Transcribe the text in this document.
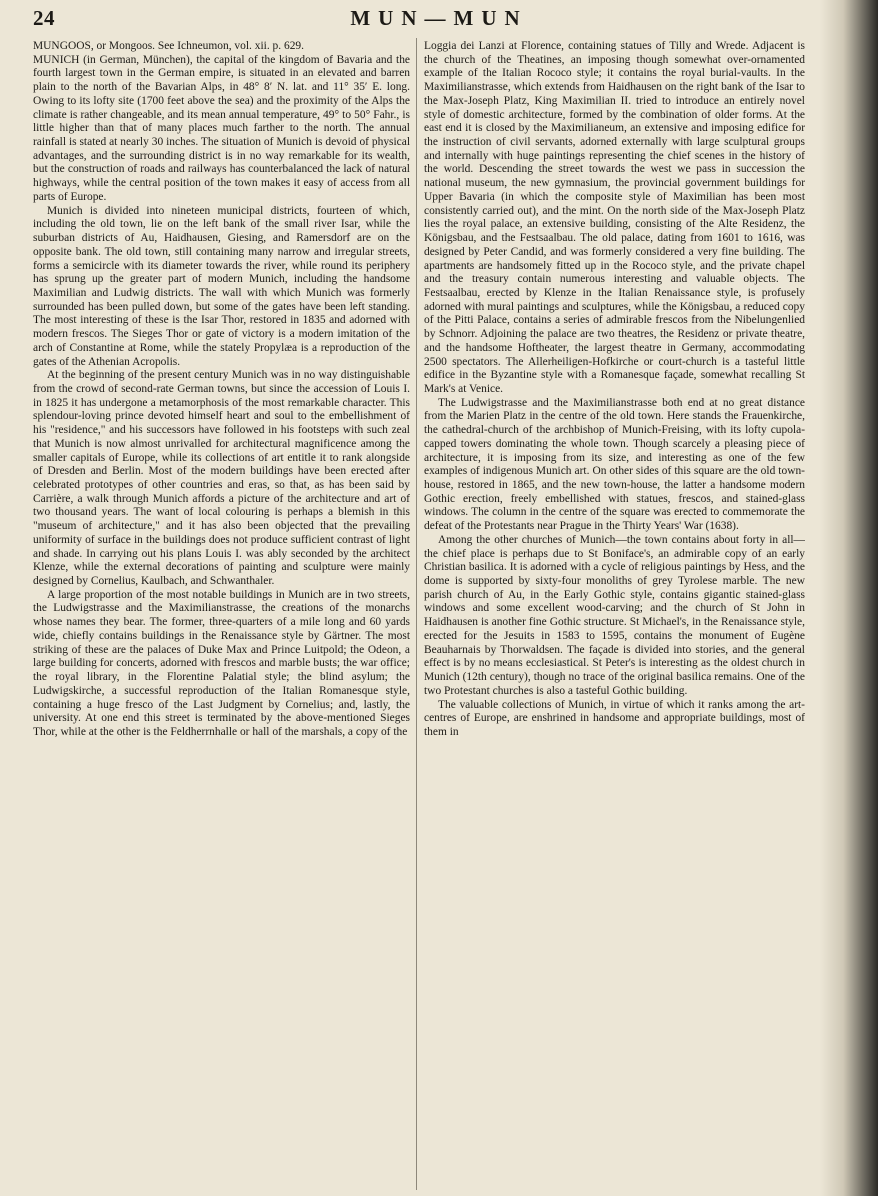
24	MUN—MUN

MUNGOOS, or Mongoos. See Ichneumon, vol. xii. p. 629.

MUNICH (in German, München), the capital of the kingdom of Bavaria and the fourth largest town in the German empire, is situated in an elevated and barren plain to the north of the Bavarian Alps, in 48° 8′ N. lat. and 11° 35′ E. long. Owing to its lofty site (1700 feet above the sea) and the proximity of the Alps the climate is rather changeable, and its mean annual temperature, 49° to 50° Fahr., is little higher than that of many places much farther to the north. The annual rainfall is stated at nearly 30 inches. The situation of Munich is devoid of physical advantages, and the surrounding district is in no way remarkable for its wealth, but the construction of roads and railways has counterbalanced the lack of natural highways, while the central position of the town makes it easy of access from all parts of Europe.

Munich is divided into nineteen municipal districts, fourteen of which, including the old town, lie on the left bank of the small river Isar, while the suburban districts of Au, Haidhausen, Giesing, and Ramersdorf are on the opposite bank. The old town, still containing many narrow and irregular streets, forms a semicircle with its diameter towards the river, while round its periphery has sprung up the greater part of modern Munich, including the handsome Maximilian and Ludwig districts. The wall with which Munich was formerly surrounded has been pulled down, but some of the gates have been left standing. The most interesting of these is the Isar Thor, restored in 1835 and adorned with modern frescos. The Sieges Thor or gate of victory is a modern imitation of the arch of Constantine at Rome, while the stately Propylæa is a reproduction of the gates of the Athenian Acropolis.

At the beginning of the present century Munich was in no way distinguishable from the crowd of second-rate German towns, but since the accession of Louis I. in 1825 it has undergone a metamorphosis of the most remarkable character. This splendour-loving prince devoted himself heart and soul to the embellishment of his "residence," and his successors have followed in his footsteps with such zeal that Munich is now almost unrivalled for architectural magnificence among the smaller capitals of Europe, while its collections of art entitle it to rank alongside of Dresden and Berlin. Most of the modern buildings have been erected after celebrated prototypes of other countries and eras, so that, as has been said by Carrière, a walk through Munich affords a picture of the architecture and art of two thousand years. The want of local colouring is perhaps a blemish in this "museum of architecture," and it has also been objected that the prevailing uniformity of surface in the buildings does not produce sufficient contrast of light and shade. In carrying out his plans Louis I. was ably seconded by the architect Klenze, while the external decorations of painting and sculpture were mainly designed by Cornelius, Kaulbach, and Schwanthaler.

A large proportion of the most notable buildings in Munich are in two streets, the Ludwigstrasse and the Maximilianstrasse, the creations of the monarchs whose names they bear. The former, three-quarters of a mile long and 60 yards wide, chiefly contains buildings in the Renaissance style by Gärtner. The most striking of these are the palaces of Duke Max and Prince Luitpold; the Odeon, a large building for concerts, adorned with frescos and marble busts; the war office; the royal library, in the Florentine Palatial style; the blind asylum; the Ludwigskirche, a successful reproduction of the Italian Romanesque style, containing a huge fresco of the Last Judgment by Cornelius; and, lastly, the university. At one end this street is terminated by the above-mentioned Sieges Thor, while at the other is the Feldherrnhalle or hall of the marshals, a copy of the

Loggia dei Lanzi at Florence, containing statues of Tilly and Wrede. Adjacent is the church of the Theatines, an imposing though somewhat over-ornamented example of the Italian Rococo style; it contains the royal burial-vaults. In the Maximilianstrasse, which extends from Haidhausen on the right bank of the Isar to the Max-Joseph Platz, King Maximilian II. tried to introduce an entirely novel style of domestic architecture, formed by the combination of older forms. At the east end it is closed by the Maximilianeum, an extensive and imposing edifice for the instruction of civil servants, adorned externally with large sculptural groups and internally with huge paintings representing the chief scenes in the history of the world. Descending the street towards the west we pass in succession the national museum, the new gymnasium, the provincial government buildings for Upper Bavaria (in which the composite style of Maximilian has been most consistently carried out), and the mint. On the north side of the Max-Joseph Platz lies the royal palace, an extensive building, consisting of the Alte Residenz, the Königsbau, and the Festsaalbau. The old palace, dating from 1601 to 1616, was designed by Peter Candid, and was formerly considered a very fine building. The apartments are handsomely fitted up in the Rococo style, and the private chapel and the treasury contain numerous interesting and valuable objects. The Festsaalbau, erected by Klenze in the Italian Renaissance style, is profusely adorned with mural paintings and sculptures, while the Königsbau, a reduced copy of the Pitti Palace, contains a series of admirable frescos from the Nibelungenlied by Schnorr. Adjoining the palace are two theatres, the Residenz or private theatre, and the handsome Hoftheater, the largest theatre in Germany, accommodating 2500 spectators. The Allerheiligen-Hofkirche or court-church is a tasteful little edifice in the Byzantine style with a Romanesque façade, somewhat recalling St Mark's at Venice.

The Ludwigstrasse and the Maximilianstrasse both end at no great distance from the Marien Platz in the centre of the old town. Here stands the Frauenkirche, the cathedral-church of the archbishop of Munich-Freising, with its lofty cupola-capped towers dominating the whole town. Though scarcely a pleasing piece of architecture, it is imposing from its size, and interesting as one of the few examples of indigenous Munich art. On other sides of this square are the old town-house, restored in 1865, and the new town-house, the latter a handsome modern Gothic erection, freely embellished with statues, frescos, and stained-glass windows. The column in the centre of the square was erected to commemorate the defeat of the Protestants near Prague in the Thirty Years' War (1638).

Among the other churches of Munich—the town contains about forty in all—the chief place is perhaps due to St Boniface's, an admirable copy of an early Christian basilica. It is adorned with a cycle of religious paintings by Hess, and the dome is supported by sixty-four monoliths of grey Tyrolese marble. The new parish church of Au, in the Early Gothic style, contains gigantic stained-glass windows and some excellent wood-carving; and the church of St John in Haidhausen is another fine Gothic structure. St Michael's, in the Renaissance style, erected for the Jesuits in 1583 to 1595, contains the monument of Eugène Beauharnais by Thorwaldsen. The façade is divided into stories, and the general effect is by no means ecclesiastical. St Peter's is interesting as the oldest church in Munich (12th century), though no trace of the original basilica remains. One of the two Protestant churches is also a tasteful Gothic building.

The valuable collections of Munich, in virtue of which it ranks among the art-centres of Europe, are enshrined in handsome and appropriate buildings, most of them in
